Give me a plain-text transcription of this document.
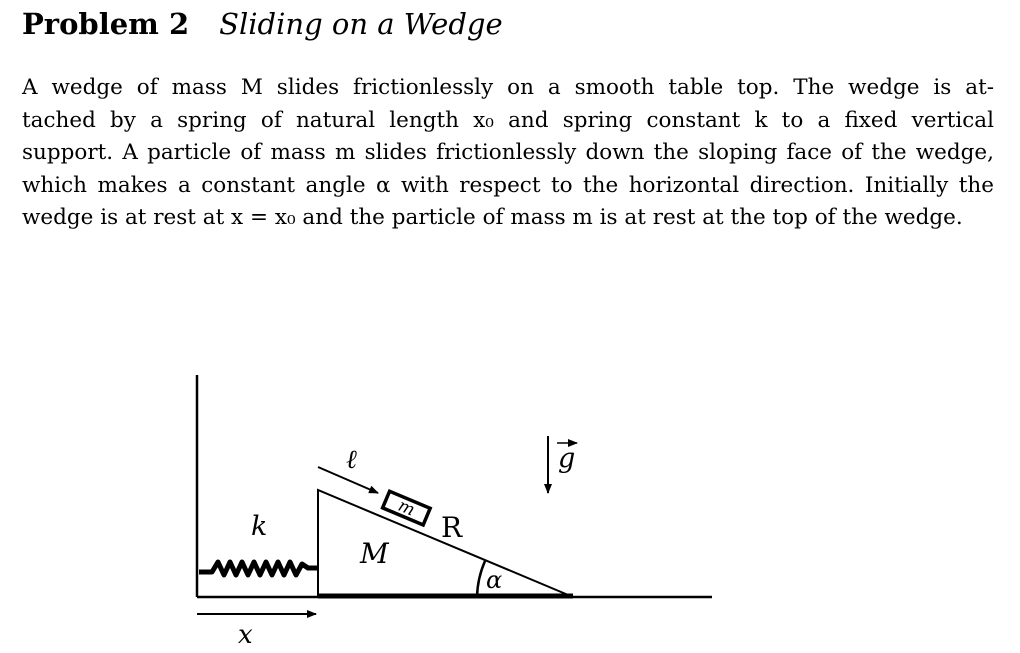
Problem 2 Sliding on a Wedge
A wedge of mass M slides frictionlessly on a smooth table top. The wedge is at-
tached by a spring of natural length x₀ and spring constant k to a fixed vertical
support. A particle of mass m slides frictionlessly down the sloping face of the wedge,
which makes a constant angle α with respect to the horizontal direction. Initially the
wedge is at rest at x = x₀ and the particle of mass m is at rest at the top of the wedge.
k
M
m
ℓ
R
α
g
x
